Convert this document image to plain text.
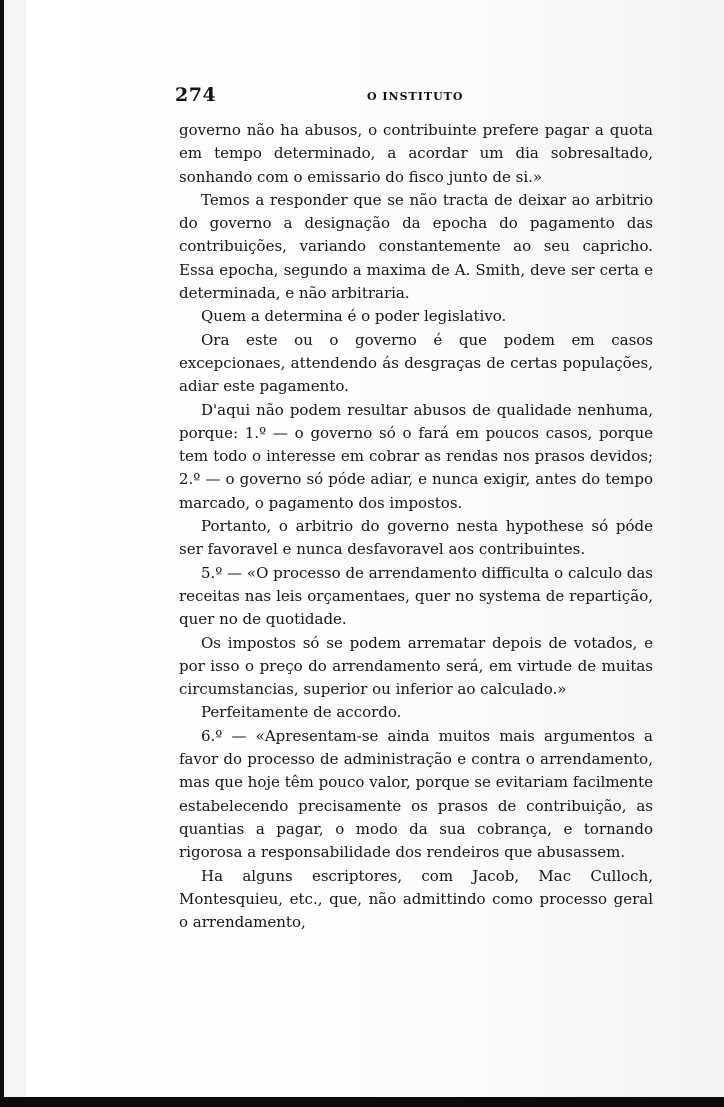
274	O INSTITUTO

governo não ha abusos, o contribuinte prefere pagar a quota em tempo determinado, a acordar um dia sobresaltado, sonhando com o emissario do fisco junto de si.»

Temos a responder que se não tracta de deixar ao arbitrio do governo a designação da epocha do pagamento das contribuições, variando constantemente ao seu capricho. Essa epocha, segundo a maxima de A. Smith, deve ser certa e determinada, e não arbitraria.

Quem a determina é o poder legislativo.

Ora este ou o governo é que podem em casos excepcionaes, attendendo ás desgraças de certas populações, adiar este pagamento.

D'aqui não podem resultar abusos de qualidade nenhuma, porque: 1.º — o governo só o fará em poucos casos, porque tem todo o interesse em cobrar as rendas nos prasos devidos; 2.º — o governo só póde adiar, e nunca exigir, antes do tempo marcado, o pagamento dos impostos.

Portanto, o arbitrio do governo nesta hypothese só póde ser favoravel e nunca desfavoravel aos contribuintes.

5.º — «O processo de arrendamento difficulta o calculo das receitas nas leis orçamentaes, quer no systema de repartição, quer no de quotidade.

Os impostos só se podem arrematar depois de votados, e por isso o preço do arrendamento será, em virtude de muitas circumstancias, superior ou inferior ao calculado.»

Perfeitamente de accordo.

6.º — «Apresentam-se ainda muitos mais argumentos a favor do processo de administração e contra o arrendamento, mas que hoje têm pouco valor, porque se evitariam facilmente estabelecendo precisamente os prasos de contribuição, as quantias a pagar, o modo da sua cobrança, e tornando rigorosa a responsabilidade dos rendeiros que abusassem.

Ha alguns escriptores, com Jacob, Mac Culloch, Montesquieu, etc., que, não admittindo como processo geral o arrendamento,
